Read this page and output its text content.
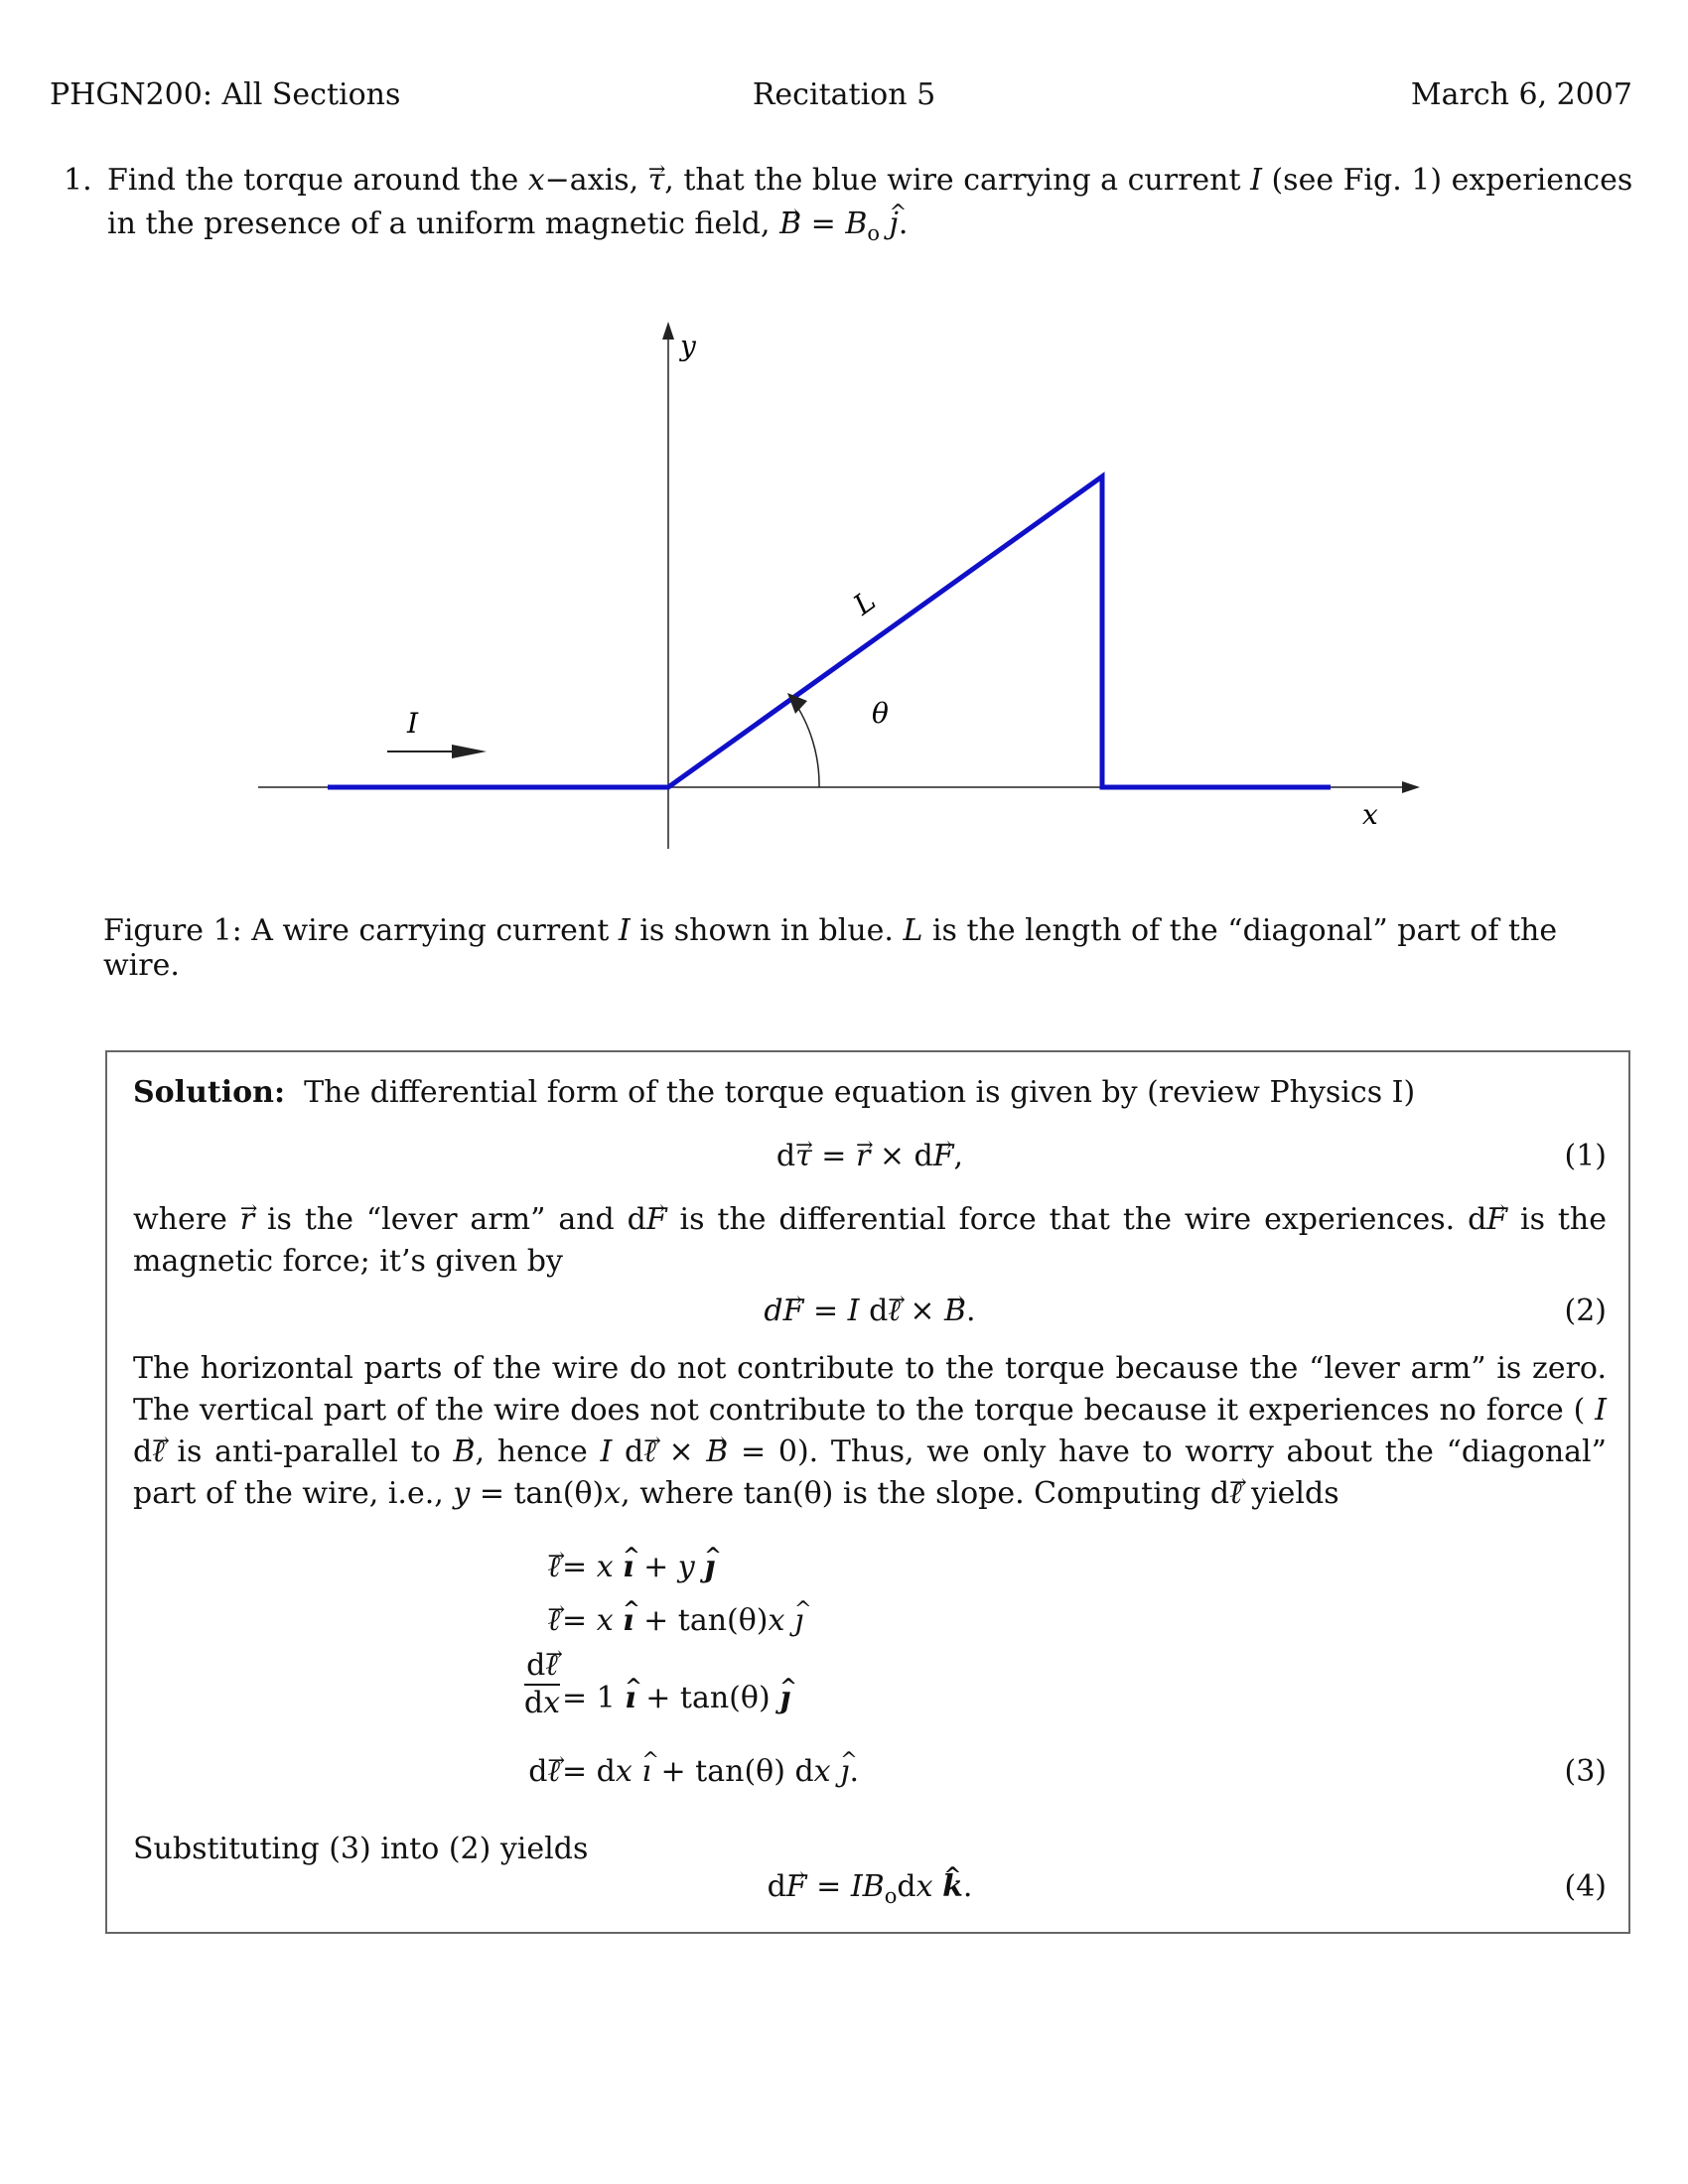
PHGN200: All Sections	Recitation 5	March 6, 2007
1. Find the torque around the x−axis, τ →, that the blue wire carrying a current I (see Fig. 1) experiences in the presence of a uniform magnetic field, B → = $B_o$ j ^.
y
x
L
θ
I
Figure 1: A wire carrying current I is shown in blue. L is the length of the “diagonal” part of the wire.

Solution: The differential form of the torque equation is given by (review Physics I)

dτ → = r → × dF →,	(1)

where r → is the “lever arm” and dF → is the differential force that the wire experiences. dF → is the magnetic force; it’s given by

dF → = I dℓ → × B →.	(2)

The horizontal parts of the wire do not contribute to the torque because the “lever arm” is zero. The vertical part of the wire does not contribute to the torque because it experiences no force ( I dℓ → is anti-parallel to B →, hence I dℓ → × B → = 0). Thus, we only have to worry about the “diagonal” part of the wire, i.e., y = tan(θ)x, where tan(θ) is the slope. Computing dℓ → yields

ℓ → = x ı ^ + y ȷ ^
ℓ → = x ı ^ + tan(θ)x ȷ ^
$\frac{\text{dℓ →}}{dx} = 1$ ı ^ + tan(θ) ȷ ^
dℓ → = dx ı ^ + tan(θ) dx ȷ ^.	(3)

Substituting (3) into (2) yields

dF → = $IB_odx$ k ^.	(4)
